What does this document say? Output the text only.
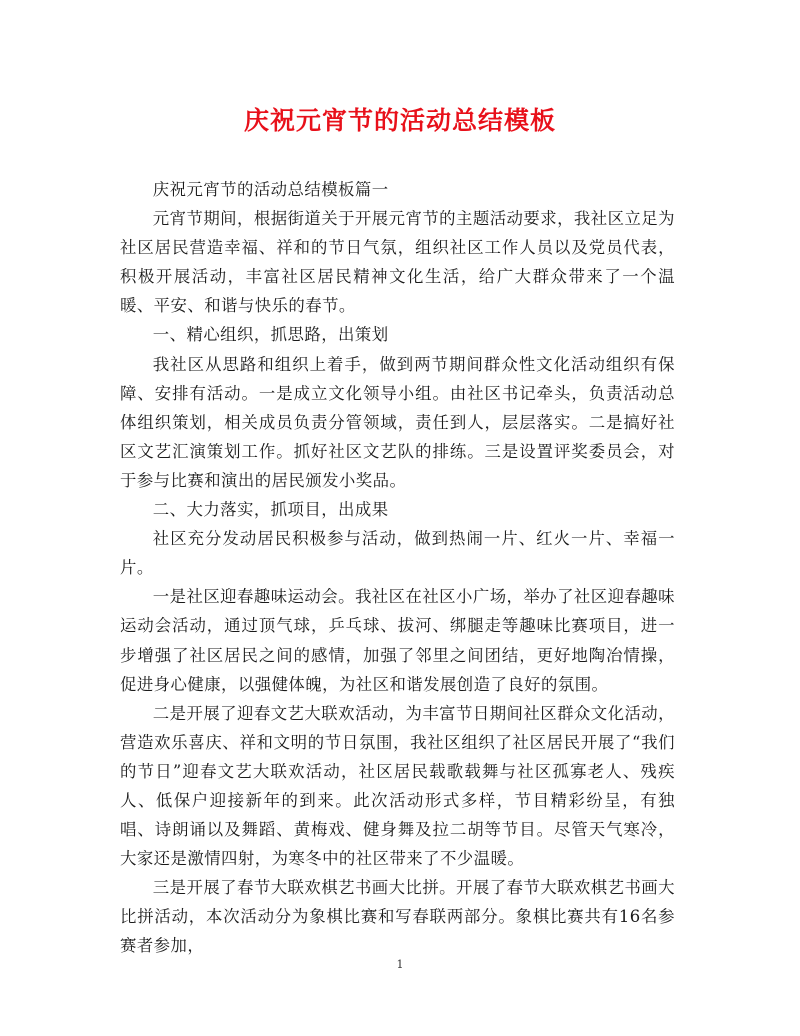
庆祝元宵节的活动总结模板

庆祝元宵节的活动总结模板篇一

元宵节期间，根据街道关于开展元宵节的主题活动要求，我社区立足为社区居民营造幸福、祥和的节日气氛，组织社区工作人员以及党员代表，积极开展活动，丰富社区居民精神文化生活，给广大群众带来了一个温暖、平安、和谐与快乐的春节。

一、精心组织，抓思路，出策划

我社区从思路和组织上着手，做到两节期间群众性文化活动组织有保障、安排有活动。一是成立文化领导小组。由社区书记牵头，负责活动总体组织策划，相关成员负责分管领域，责任到人，层层落实。二是搞好社区文艺汇演策划工作。抓好社区文艺队的排练。三是设置评奖委员会，对于参与比赛和演出的居民颁发小奖品。

二、大力落实，抓项目，出成果

社区充分发动居民积极参与活动，做到热闹一片、红火一片、幸福一片。

一是社区迎春趣味运动会。我社区在社区小广场，举办了社区迎春趣味运动会活动，通过顶气球，乒乓球、拔河、绑腿走等趣味比赛项目，进一步增强了社区居民之间的感情，加强了邻里之间团结，更好地陶冶情操，促进身心健康，以强健体魄，为社区和谐发展创造了良好的氛围。

二是开展了迎春文艺大联欢活动，为丰富节日期间社区群众文化活动，营造欢乐喜庆、祥和文明的节日氛围，我社区组织了社区居民开展了“我们的节日”迎春文艺大联欢活动，社区居民载歌载舞与社区孤寡老人、残疾人、低保户迎接新年的到来。此次活动形式多样，节目精彩纷呈，有独唱、诗朗诵以及舞蹈、黄梅戏、健身舞及拉二胡等节目。尽管天气寒冷，大家还是激情四射，为寒冬中的社区带来了不少温暖。

三是开展了春节大联欢棋艺书画大比拼。开展了春节大联欢棋艺书画大比拼活动，本次活动分为象棋比赛和写春联两部分。象棋比赛共有16名参赛者参加，

1
